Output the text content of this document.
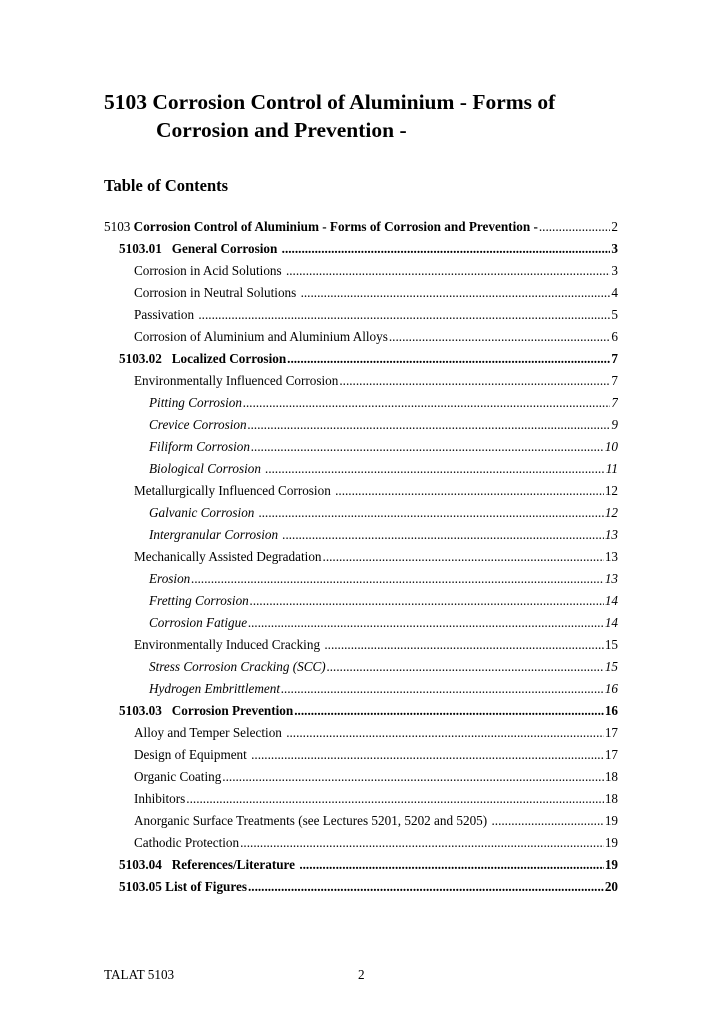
5103 Corrosion Control of Aluminium - Forms of
Corrosion and Prevention -
Table of Contents
5103 Corrosion Control of Aluminium - Forms of Corrosion and Prevention - .....	2
5103.01   General Corrosion .....	3
Corrosion in Acid Solutions .....	3
Corrosion in Neutral Solutions .....	4
Passivation .....	5
Corrosion of Aluminium and Aluminium Alloys .....	6
5103.02   Localized Corrosion .....	7
Environmentally Influenced Corrosion .....	7
Pitting Corrosion .....	7
Crevice Corrosion .....	9
Filiform Corrosion .....	10
Biological Corrosion .....	11
Metallurgically Influenced Corrosion .....	12
Galvanic Corrosion .....	12
Intergranular Corrosion .....	13
Mechanically Assisted Degradation .....	13
Erosion .....	13
Fretting Corrosion .....	14
Corrosion Fatigue .....	14
Environmentally Induced Cracking .....	15
Stress Corrosion Cracking (SCC) .....	15
Hydrogen Embrittlement .....	16
5103.03   Corrosion Prevention .....	16
Alloy and Temper Selection .....	17
Design of Equipment .....	17
Organic Coating .....	18
Inhibitors .....	18
Anorganic Surface Treatments (see Lectures 5201, 5202 and 5205) .....	19
Cathodic Protection .....	19
5103.04   References/Literature .....	19
5103.05 List of Figures .....	20
TALAT 5103	2
